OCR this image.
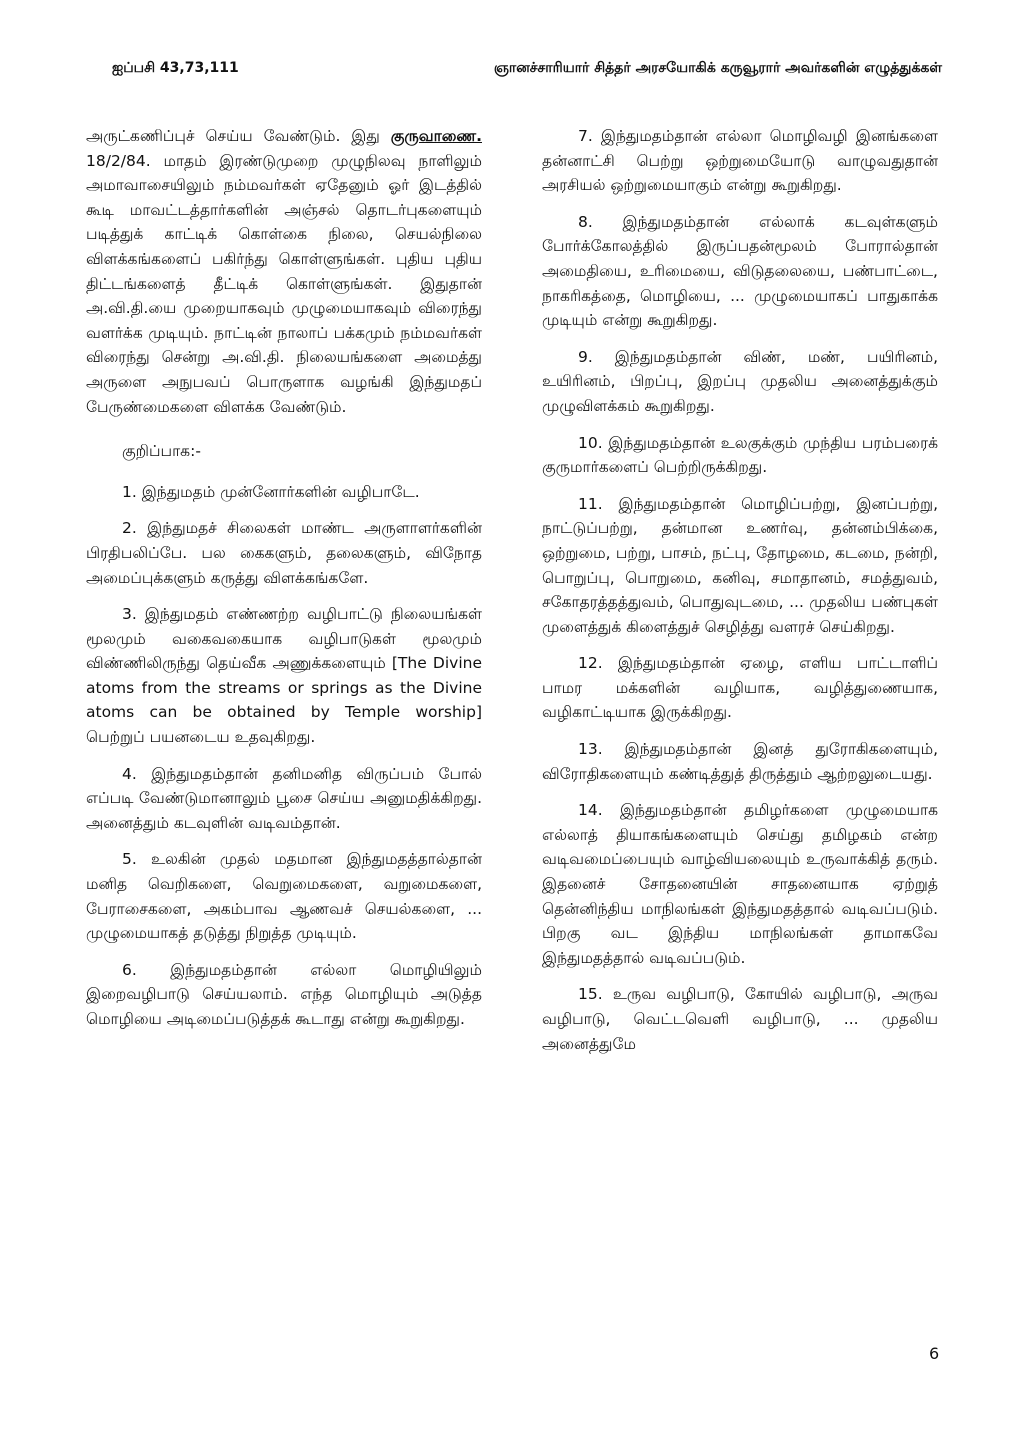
ஐப்பசி 43,73,111	ஞானச்சாரியார் சித்தர் அரசயோகிக் கருவூரார் அவர்களின் எழுத்துக்கள்

அருட்கணிப்புச் செய்ய வேண்டும். இது குருவாணை. 18/2/84. மாதம் இரண்டுமுறை முழுநிலவு நாளிலும் அமாவாசையிலும் நம்மவர்கள் ஏதேனும் ஓர் இடத்தில் கூடி மாவட்டத்தார்களின் அஞ்சல் தொடர்புகளையும் படித்துக் காட்டிக் கொள்கை நிலை, செயல்நிலை விளக்கங்களைப் பகிர்ந்து கொள்ளுங்கள். புதிய புதிய திட்டங்களைத் தீட்டிக் கொள்ளுங்கள். இதுதான் அ.வி.தி.யை முறையாகவும் முழுமையாகவும் விரைந்து வளர்க்க முடியும். நாட்டின் நாலாப் பக்கமும் நம்மவர்கள் விரைந்து சென்று அ.வி.தி. நிலையங்களை அமைத்து அருளை அநுபவப் பொருளாக வழங்கி இந்துமதப் பேருண்மைகளை விளக்க வேண்டும்.

குறிப்பாக:-

1. இந்துமதம் முன்னோர்களின் வழிபாடே.

2. இந்துமதச் சிலைகள் மாண்ட அருளாளர்களின் பிரதிபலிப்பே. பல கைகளும், தலைகளும், விநோத அமைப்புக்களும் கருத்து விளக்கங்களே.

3. இந்துமதம் எண்ணற்ற வழிபாட்டு நிலையங்கள் மூலமும் வகைவகையாக வழிபாடுகள் மூலமும் விண்ணிலிருந்து தெய்வீக அணுக்களையும் [The Divine atoms from the streams or springs as the Divine atoms can be obtained by Temple worship] பெற்றுப் பயனடைய உதவுகிறது.

4. இந்துமதம்தான் தனிமனித விருப்பம் போல் எப்படி வேண்டுமானாலும் பூசை செய்ய அனுமதிக்கிறது. அனைத்தும் கடவுளின் வடிவம்தான்.

5. உலகின் முதல் மதமான இந்துமதத்தால்தான் மனித வெறிகளை, வெறுமைகளை, வறுமைகளை, பேராசைகளை, அகம்பாவ ஆணவச் செயல்களை, ... முழுமையாகத் தடுத்து நிறுத்த முடியும்.

6. இந்துமதம்தான் எல்லா மொழியிலும் இறைவழிபாடு செய்யலாம். எந்த மொழியும் அடுத்த மொழியை அடிமைப்படுத்தக் கூடாது என்று கூறுகிறது.

7. இந்துமதம்தான் எல்லா மொழிவழி இனங்களை தன்னாட்சி பெற்று ஒற்றுமையோடு வாழுவதுதான் அரசியல் ஒற்றுமையாகும் என்று கூறுகிறது.

8. இந்துமதம்தான் எல்லாக் கடவுள்களும் போர்க்கோலத்தில் இருப்பதன்மூலம் போரால்தான் அமைதியை, உரிமையை, விடுதலையை, பண்பாட்டை, நாகரிகத்தை, மொழியை, ... முழுமையாகப் பாதுகாக்க முடியும் என்று கூறுகிறது.

9. இந்துமதம்தான் விண், மண், பயிரினம், உயிரினம், பிறப்பு, இறப்பு முதலிய அனைத்துக்கும் முழுவிளக்கம் கூறுகிறது.

10. இந்துமதம்தான் உலகுக்கும் முந்திய பரம்பரைக் குருமார்களைப் பெற்றிருக்கிறது.

11. இந்துமதம்தான் மொழிப்பற்று, இனப்பற்று, நாட்டுப்பற்று, தன்மான உணர்வு, தன்னம்பிக்கை, ஒற்றுமை, பற்று, பாசம், நட்பு, தோழமை, கடமை, நன்றி, பொறுப்பு, பொறுமை, கனிவு, சமாதானம், சமத்துவம், சகோதரத்தத்துவம், பொதுவுடமை, ... முதலிய பண்புகள் முளைத்துக் கிளைத்துச் செழித்து வளரச் செய்கிறது.

12. இந்துமதம்தான் ஏழை, எளிய பாட்டாளிப் பாமர மக்களின் வழியாக, வழித்துணையாக, வழிகாட்டியாக இருக்கிறது.

13. இந்துமதம்தான் இனத் துரோகிகளையும், விரோதிகளையும் கண்டித்துத் திருத்தும் ஆற்றலுடையது.

14. இந்துமதம்தான் தமிழர்களை முழுமையாக எல்லாத் தியாகங்களையும் செய்து தமிழகம் என்ற வடிவமைப்பையும் வாழ்வியலையும் உருவாக்கித் தரும். இதனைச் சோதனையின் சாதனையாக ஏற்றுத் தென்னிந்திய மாநிலங்கள் இந்துமதத்தால் வடிவப்படும். பிறகு வட இந்திய மாநிலங்கள் தாமாகவே இந்துமதத்தால் வடிவப்படும்.

15. உருவ வழிபாடு, கோயில் வழிபாடு, அருவ வழிபாடு, வெட்டவெளி வழிபாடு, ... முதலிய அனைத்துமே

6
